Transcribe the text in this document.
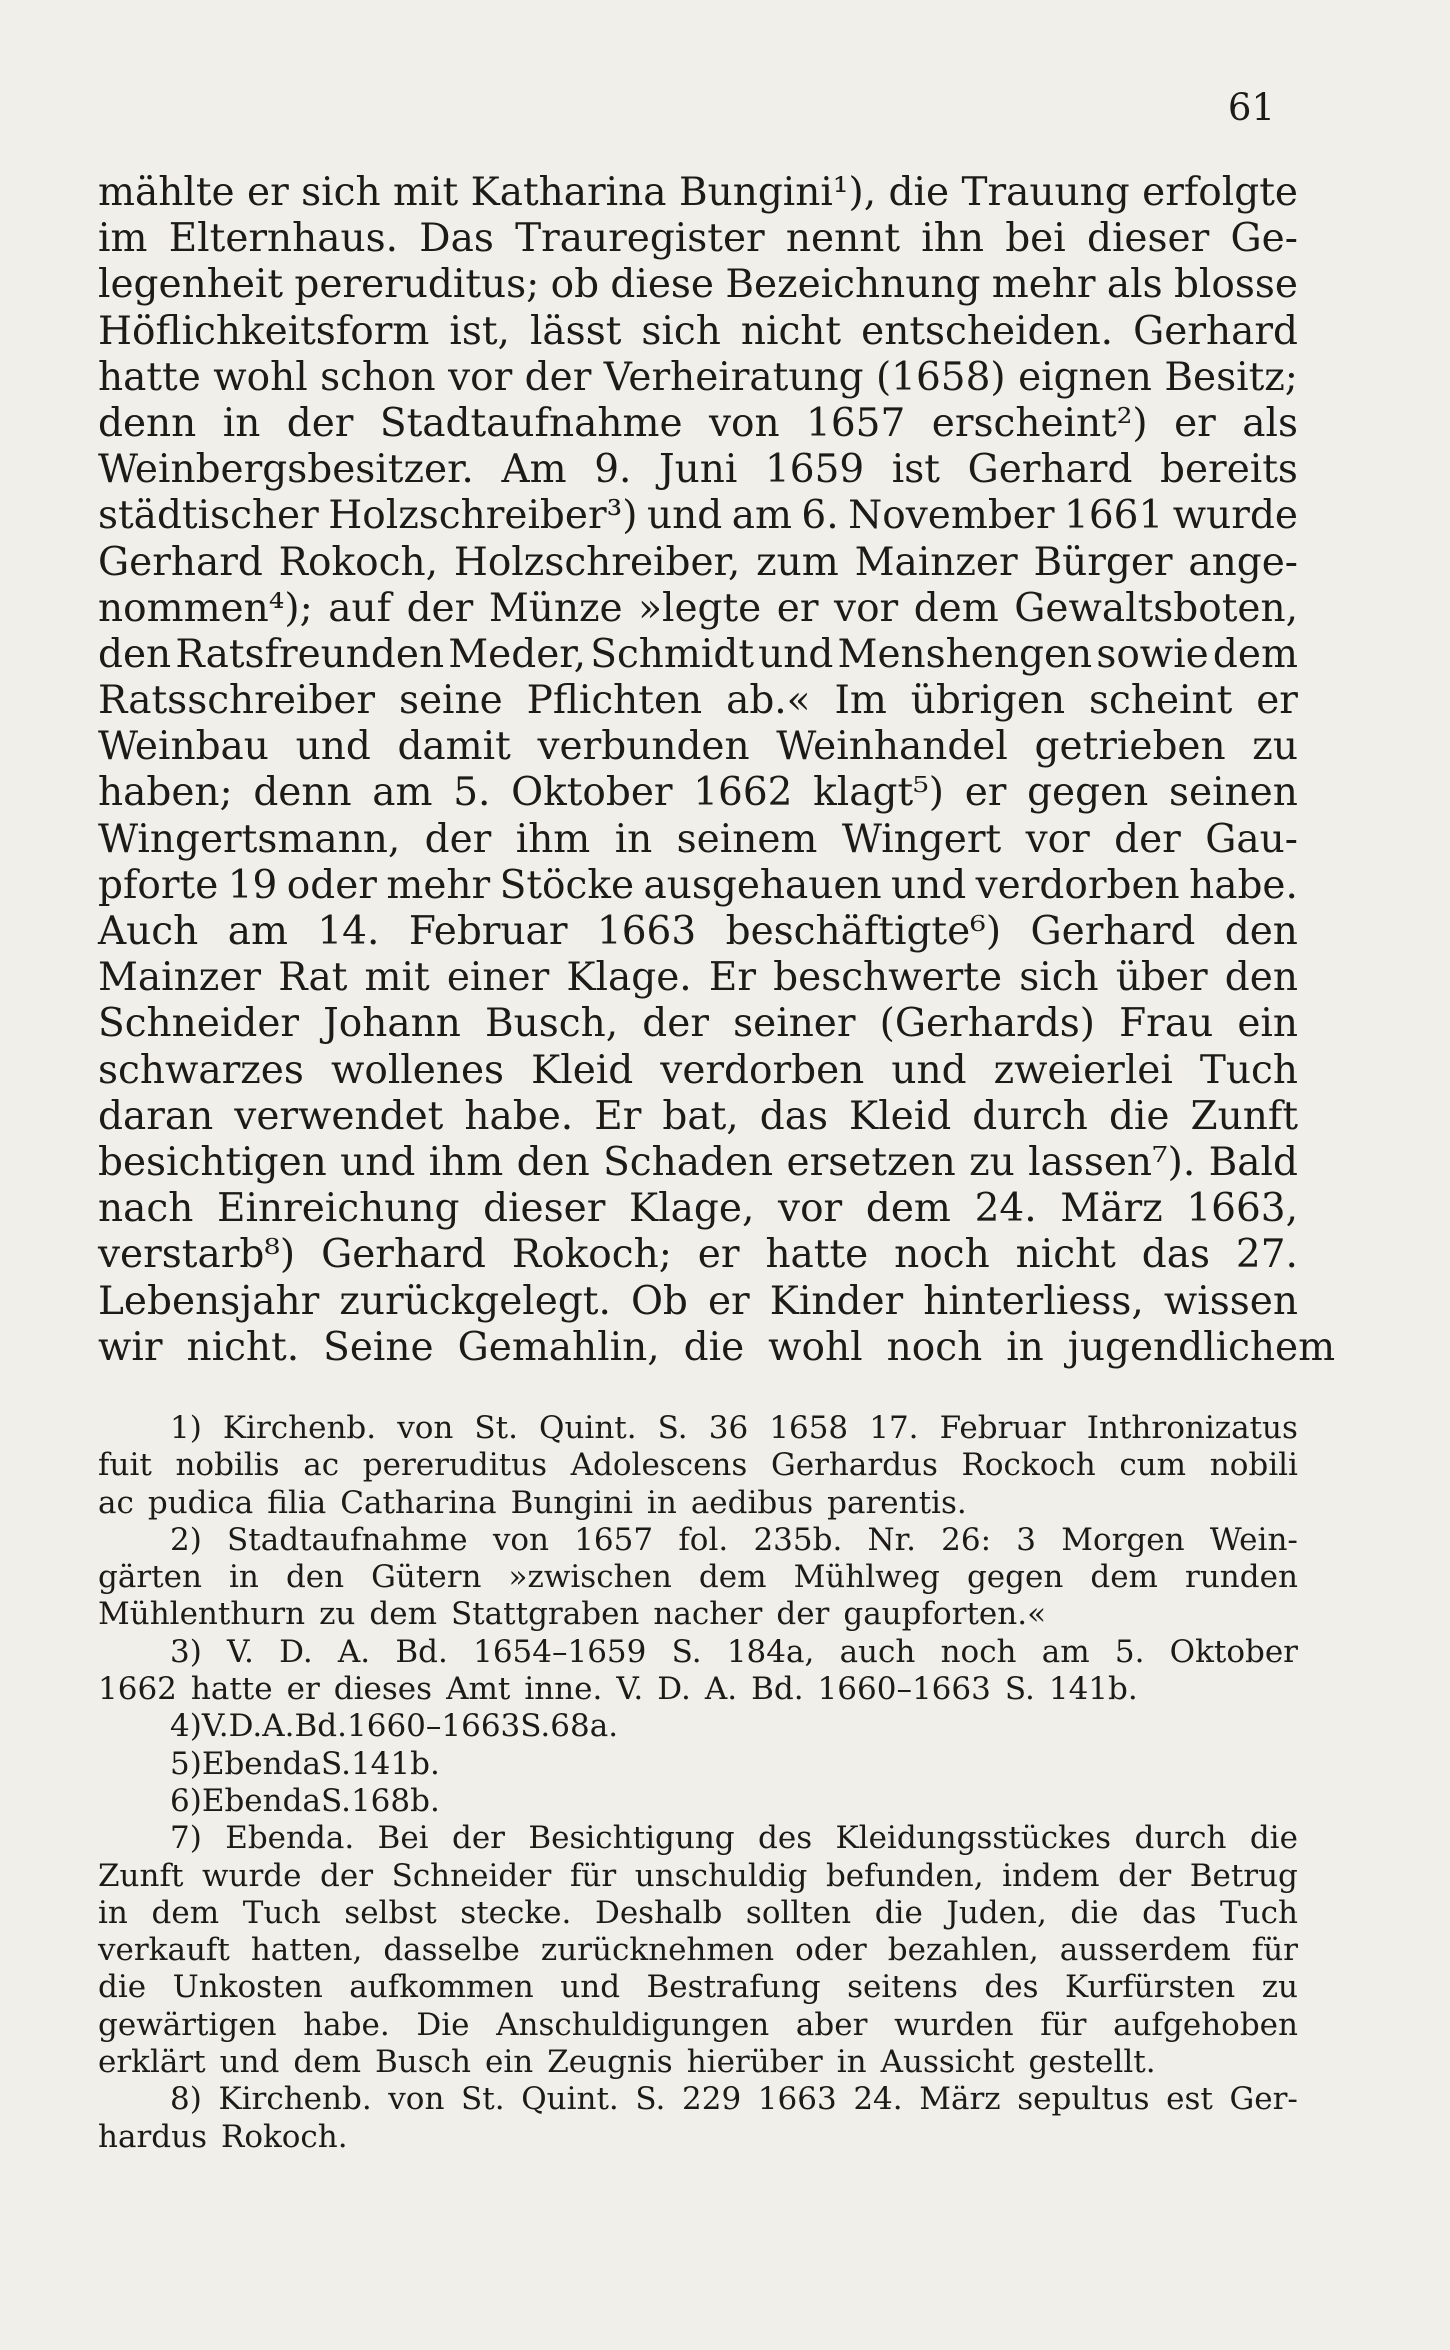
61
mählte er sich mit Katharina Bungini¹), die Trauung erfolgte
im Elternhaus. Das Trauregister nennt ihn bei dieser Ge-
legenheit pereruditus; ob diese Bezeichnung mehr als blosse
Höflichkeitsform ist, lässt sich nicht entscheiden. Gerhard
hatte wohl schon vor der Verheiratung (1658) eignen Besitz;
denn in der Stadtaufnahme von 1657 erscheint²) er als
Weinbergsbesitzer. Am 9. Juni 1659 ist Gerhard bereits
städtischer Holzschreiber³) und am 6. November 1661 wurde
Gerhard Rokoch, Holzschreiber, zum Mainzer Bürger ange-
nommen⁴); auf der Münze »legte er vor dem Gewaltsboten,
den Ratsfreunden Meder, Schmidt und Menshengen sowie dem
Ratsschreiber seine Pflichten ab.« Im übrigen scheint er
Weinbau und damit verbunden Weinhandel getrieben zu
haben; denn am 5. Oktober 1662 klagt⁵) er gegen seinen
Wingertsmann, der ihm in seinem Wingert vor der Gau-
pforte 19 oder mehr Stöcke ausgehauen und verdorben habe.
Auch am 14. Februar 1663 beschäftigte⁶) Gerhard den
Mainzer Rat mit einer Klage. Er beschwerte sich über den
Schneider Johann Busch, der seiner (Gerhards) Frau ein
schwarzes wollenes Kleid verdorben und zweierlei Tuch
daran verwendet habe. Er bat, das Kleid durch die Zunft
besichtigen und ihm den Schaden ersetzen zu lassen⁷). Bald
nach Einreichung dieser Klage, vor dem 24. März 1663,
verstarb⁸) Gerhard Rokoch; er hatte noch nicht das 27.
Lebensjahr zurückgelegt. Ob er Kinder hinterliess, wissen
wir nicht. Seine Gemahlin, die wohl noch in jugendlichem
1) Kirchenb. von St. Quint. S. 36 1658 17. Februar Inthronizatus
fuit nobilis ac pereruditus Adolescens Gerhardus Rockoch cum nobili
ac pudica filia Catharina Bungini in aedibus parentis.
2) Stadtaufnahme von 1657 fol. 235b. Nr. 26: 3 Morgen Wein-
gärten in den Gütern »zwischen dem Mühlweg gegen dem runden
Mühlenthurn zu dem Stattgraben nacher der gaupforten.«
3) V. D. A. Bd. 1654–1659 S. 184a, auch noch am 5. Oktober
1662 hatte er dieses Amt inne. V. D. A. Bd. 1660–1663 S. 141b.
4) V. D. A. Bd. 1660–1663 S. 68a.
5) Ebenda S. 141b.
6) Ebenda S. 168b.
7) Ebenda. Bei der Besichtigung des Kleidungsstückes durch die
Zunft wurde der Schneider für unschuldig befunden, indem der Betrug
in dem Tuch selbst stecke. Deshalb sollten die Juden, die das Tuch
verkauft hatten, dasselbe zurücknehmen oder bezahlen, ausserdem für
die Unkosten aufkommen und Bestrafung seitens des Kurfürsten zu
gewärtigen habe. Die Anschuldigungen aber wurden für aufgehoben
erklärt und dem Busch ein Zeugnis hierüber in Aussicht gestellt.
8) Kirchenb. von St. Quint. S. 229 1663 24. März sepultus est Ger-
hardus Rokoch.
